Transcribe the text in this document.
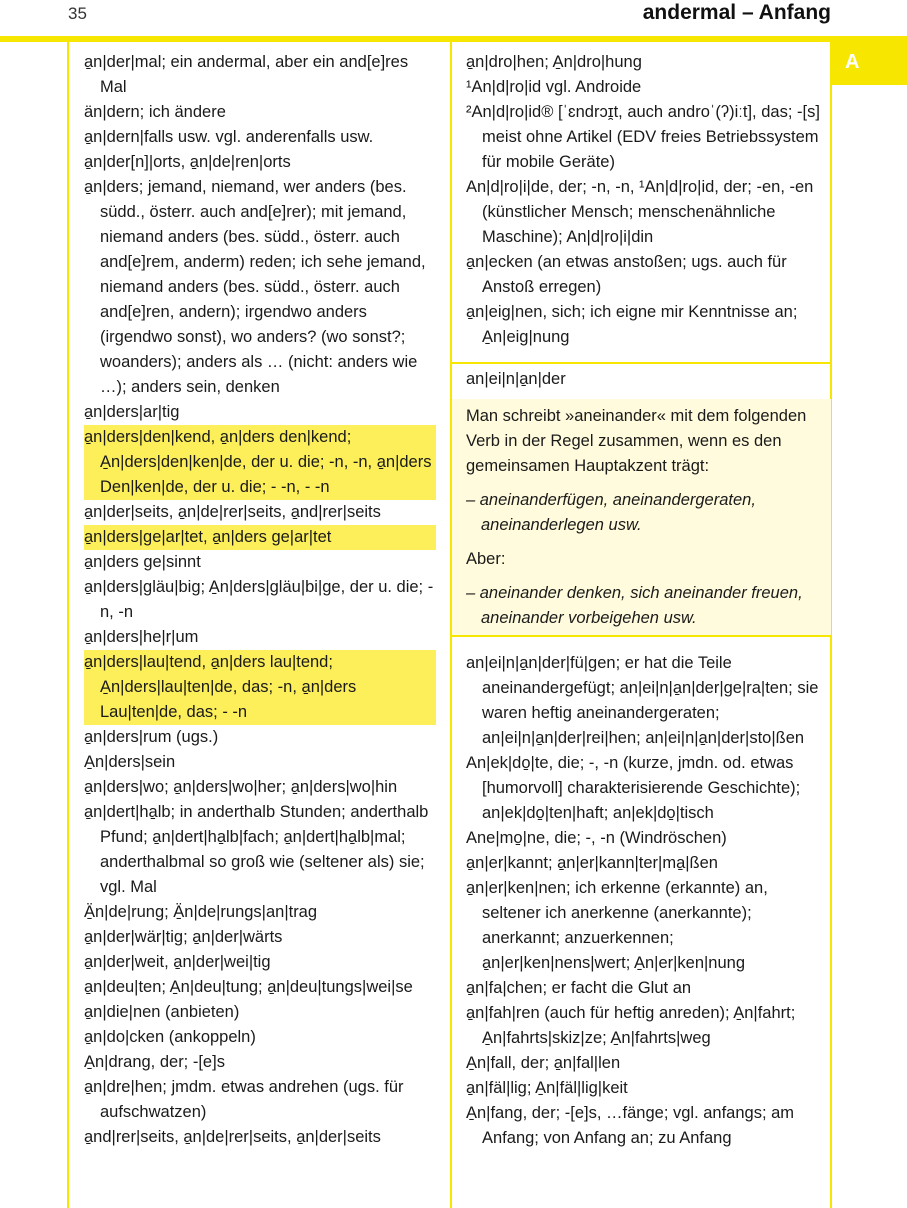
35	andermal – Anfang
A

a̱n|der|mal; ein andermal, aber ein and[e]res Mal

än|dern; ich ändere

a̱n|dern|falls usw. vgl. anderenfalls usw.

a̱n|der[n]|orts, a̱n|de|ren|orts

a̱n|ders; jemand, niemand, wer anders (bes. südd., österr. auch and[e]rer); mit jemand, niemand anders (bes. südd., österr. auch and[e]rem, anderm) reden; ich sehe jemand, niemand anders (bes. südd., österr. auch and[e]ren, andern); irgendwo anders (irgendwo sonst), wo anders? (wo sonst?; woanders); anders als … (nicht: anders wie …); anders sein, denken

a̱n|ders|ar|tig

a̱n|ders|den|kend, a̱n|ders den|kend; A̱n|ders|den|ken|de, der u. die; -n, -n, a̱n|ders Den|ken|de, der u. die; - -n, - -n

a̱n|der|seits, a̱n|de|rer|seits, a̱nd|rer|seits

a̱n|ders|ge|ar|tet, a̱n|ders ge|ar|tet

a̱n|ders ge|sinnt

a̱n|ders|gläu|big; A̱n|ders|gläu|bi|ge, der u. die; -n, -n

a̱n|ders|he|r|um

a̱n|ders|lau|tend, a̱n|ders lau|tend; A̱n|ders|lau|ten|de, das; -n, a̱n|ders Lau|ten|de, das; - -n

a̱n|ders|rum (ugs.)

A̱n|ders|sein

a̱n|ders|wo; a̱n|ders|wo|her; a̱n|ders|wo|hin

a̱n|dert|ha̱lb; in anderthalb Stunden; anderthalb Pfund; a̱n|dert|ha̱lb|fach; a̱n|dert|ha̱lb|mal; anderthalbmal so groß wie (seltener als) sie; vgl. Mal

Ä̱n|de|rung; Ä̱n|de|rungs|an|trag

a̱n|der|wär|tig; a̱n|der|wärts

a̱n|der|weit, a̱n|der|wei|tig

a̱n|deu|ten; A̱n|deu|tung; a̱n|deu|tungs|wei|se

a̱n|die|nen (anbieten)

a̱n|do|cken (ankoppeln)

A̱n|drang, der; -[e]s

a̱n|dre|hen; jmdm. etwas andrehen (ugs. für aufschwatzen)

a̱nd|rer|seits, a̱n|de|rer|seits, a̱n|der|seits

a̱n|dro|hen; A̱n|dro|hung

¹An|d|ro|id vgl. Androide

²An|d|ro|id® [ˈɛndrɔɪ̯t, auch androˈ(ʔ)iːt], das; -[s] meist ohne Artikel (EDV freies Betriebssystem für mobile Geräte)

An|d|ro|i|de, der; -n, -n, ¹An|d|ro|id, der; -en, -en (künstlicher Mensch; menschenähnliche Maschine); An|d|ro|i|din

a̱n|ecken (an etwas anstoßen; ugs. auch für Anstoß erregen)

a̱n|eig|nen, sich; ich eigne mir Kenntnisse an; A̱n|eig|nung

an|ei|n|a̱n|der

Man schreibt »aneinander« mit dem folgenden Verb in der Regel zusammen, wenn es den gemeinsamen Hauptakzent trägt:

– aneinanderfügen, aneinandergeraten, aneinanderlegen usw.

Aber:

– aneinander denken, sich aneinander freuen, aneinander vorbeigehen usw.

an|ei|n|a̱n|der|fü|gen; er hat die Teile aneinandergefügt; an|ei|n|a̱n|der|ge|ra|ten; sie waren heftig aneinandergeraten; an|ei|n|a̱n|der|rei|hen; an|ei|n|a̱n|der|sto|ßen

An|ek|do̱|te, die; -, -n (kurze, jmdn. od. etwas [humorvoll] charakterisierende Geschichte); an|ek|do̱|ten|haft; an|ek|do̱|tisch

Ane|mo̱|ne, die; -, -n (Windröschen)

a̱n|er|kannt; a̱n|er|kann|ter|ma̱|ßen

a̱n|er|ken|nen; ich erkenne (erkannte) an, seltener ich anerkenne (anerkannte); anerkannt; anzuerkennen; a̱n|er|ken|nens|wert; A̱n|er|ken|nung

a̱n|fa|chen; er facht die Glut an

a̱n|fah|ren (auch für heftig anreden); A̱n|fahrt; A̱n|fahrts|skiz|ze; A̱n|fahrts|weg

A̱n|fall, der; a̱n|fal|len

a̱n|fäl|lig; A̱n|fäl|lig|keit

A̱n|fang, der; -[e]s, …fänge; vgl. anfangs; am Anfang; von Anfang an; zu Anfang
